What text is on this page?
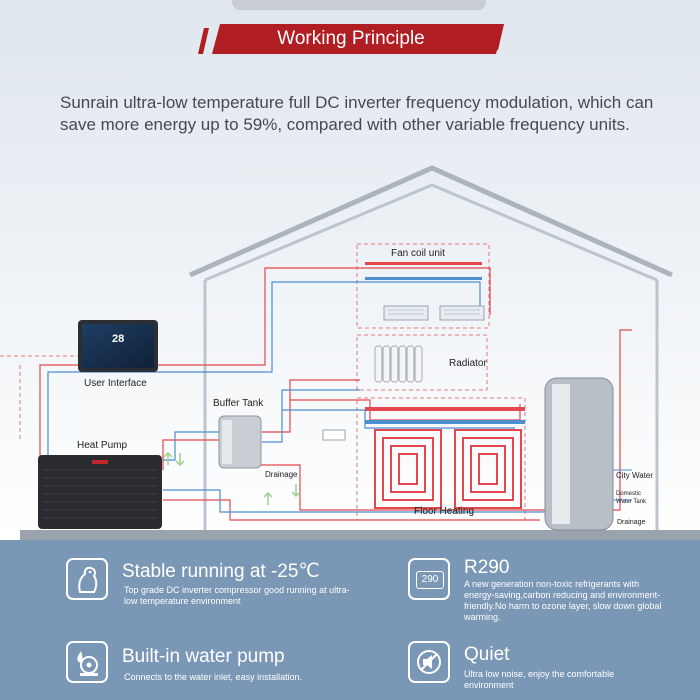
Working Principle

Sunrain ultra-low temperature full DC inverter frequency modulation, which can save more energy up to 59%, compared with other variable frequency units.

Fan coil unit
Radiator
User Interface
Buffer Tank
Heat Pump
Drainage
Floor Heating
City Water
Domestic Water Tank
Drainage
28
Stable running at -25℃
Top grade DC inverter compressor good running at ultra-low temperature environment
290
R290
A new generation non-toxic refrigerants with energy-saving,carbon reducing and environment-friendly.No harm to ozone layer, slow down global warming.
Built-in water pump
Connects to the water inlet, easy installation.
Quiet
Ultra low noise, enjoy the comfortable environment
